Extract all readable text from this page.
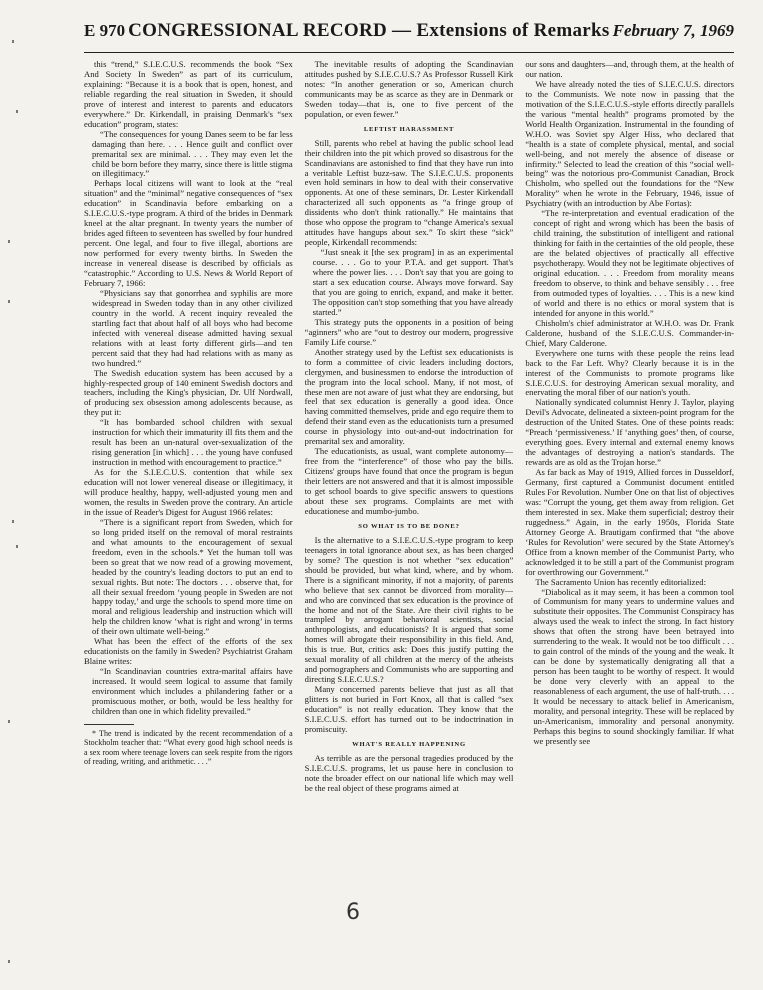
E 970 CONGRESSIONAL RECORD — Extensions of Remarks February 7, 1969

this “trend,” S.I.E.C.U.S. recommends the book “Sex And Society In Sweden” as part of its curriculum, explaining: “Because it is a book that is open, honest, and reliable regarding the real situation in Sweden, it should prove of interest and interest to parents and educators everywhere.” Dr. Kirkendall, in praising Denmark's “sex education” program, states:

“The consequences for young Danes seem to be far less damaging than here. . . . Hence guilt and conflict over premarital sex are minimal. . . . They may even let the child be born before they marry, since there is little stigma on illegitimacy.”

Perhaps local citizens will want to look at the “real situation” and the “minimal” negative consequences of “sex education” in Scandinavia before embarking on a S.I.E.C.U.S.-type program. A third of the brides in Denmark kneel at the altar pregnant. In twenty years the number of brides aged fifteen to seventeen has swelled by four hundred percent. One legal, and four to five illegal, abortions are now performed for every twenty births. In Sweden the increase in venereal disease is described by officials as “catastrophic.” According to U.S. News & World Report of February 7, 1966:

“Physicians say that gonorrhea and syphilis are more widespread in Sweden today than in any other civilized country in the world. A recent inquiry revealed the startling fact that about half of all boys who had become infected with venereal disease admitted having sexual relations with at least forty different girls—and ten percent said that they had had relations with as many as two hundred.”

The Swedish education system has been accused by a highly-respected group of 140 eminent Swedish doctors and teachers, including the King's physician, Dr. Ulf Nordwall, of producing sex obsession among adolescents because, as they put it:

“It has bombarded school children with sexual instruction for which their immaturity ill fits them and the result has been an un-natural over-sexualization of the rising generation [in which] . . . the young have confused instruction in method with encouragement to practice.”

As for the S.I.E.C.U.S. contention that while sex education will not lower venereal disease or illegitimacy, it will produce healthy, happy, well-adjusted young men and women, the results in Sweden prove the contrary. An article in the issue of Reader's Digest for August 1966 relates:

“There is a significant report from Sweden, which for so long prided itself on the removal of moral restraints and what amounts to the encouragement of sexual freedom, even in the schools.* Yet the human toll was been so great that we now read of a growing movement, headed by the country's leading doctors to put an end to sexual rights. But note: The doctors . . . observe that, for all their sexual freedom ‘young people in Sweden are not happy today,’ and urge the schools to spend more time on moral and religious leadership and instruction which will help the children know ‘what is right and wrong’ in terms of their own ultimate well-being.”

What has been the effect of the efforts of the sex educationists on the family in Sweden? Psychiatrist Graham Blaine writes:

“In Scandinavian countries extra-marital affairs have increased. It would seem logical to assume that family environment which includes a philandering father or a promiscuous mother, or both, would be less healthy for children than one in which fidelity prevailed.”

* The trend is indicated by the recent recommendation of a Stockholm teacher that: “What every good high school needs is a sex room where teenage lovers can seek respite from the rigors of reading, writing, and arithmetic. . . .”

The inevitable results of adopting the Scandinavian attitudes pushed by S.I.E.C.U.S.? As Professor Russell Kirk notes: “In another generation or so, American church communicants may be as scarce as they are in Denmark or Sweden today—that is, one to five percent of the population, or even fewer.”

LEFTIST HARASSMENT

Still, parents who rebel at having the public school lead their children into the pit which proved so disastrous for the Scandinavians are astonished to find that they have run into a veritable Leftist buzz-saw. The S.I.E.C.U.S. proponents even hold seminars in how to deal with their conservative opponents. At one of these seminars, Dr. Lester Kirkendall characterized all such opponents as “a fringe group of dissidents who don't think rationally.” He maintains that those who oppose the program to “change America's sexual attitudes have hangups about sex.” To skirt these “sick” people, Kirkendall recommends:

“Just sneak it [the sex program] in as an experimental course. . . . Go to your P.T.A. and get support. That's where the power lies. . . . Don't say that you are going to start a sex education course. Always move forward. Say that you are going to enrich, expand, and make it better. The opposition can't stop something that you have already started.”

This strategy puts the opponents in a position of being “aginners” who are “out to destroy our modern, progressive Family Life course.”

Another strategy used by the Leftist sex educationists is to form a committee of civic leaders including doctors, clergymen, and businessmen to endorse the introduction of the program into the local school. Many, if not most, of these men are not aware of just what they are endorsing, but feel that sex education is generally a good idea. Once having committed themselves, pride and ego require them to defend their stand even as the educationists turn a presumed course in physiology into out-and-out indoctrination for premarital sex and amorality.

The educationists, as usual, want complete autonomy—free from the “interference” of those who pay the bills. Citizens' groups have found that once the program is begun their letters are not answered and that it is almost impossible to get school boards to give specific answers to questions about these sex programs. Complaints are met with educationese and mumbo-jumbo.

SO WHAT IS TO BE DONE?

Is the alternative to a S.I.E.C.U.S.-type program to keep teenagers in total ignorance about sex, as has been charged by some? The question is not whether “sex education” should be provided, but what kind, where, and by whom. There is a significant minority, if not a majority, of parents who believe that sex cannot be divorced from morality—and who are convinced that sex education is the province of the home and not of the State. Are their civil rights to be trampled by arrogant behavioral scientists, social anthropologists, and educationists? It is argued that some homes will abrogate their responsibility in this field. And, this is true. But, critics ask: Does this justify putting the sexual morality of all children at the mercy of the atheists and pornographers and Communists who are supporting and directing S.I.E.C.U.S.?

Many concerned parents believe that just as all that glitters is not buried in Fort Knox, all that is called “sex education” is not really education. They know that the S.I.E.C.U.S. effort has turned out to be indoctrination in promiscuity.

WHAT'S REALLY HAPPENING

As terrible as are the personal tragedies produced by the S.I.E.C.U.S. programs, let us pause here in conclusion to note the broader effect on our national life which may well be the real object of these programs aimed at

our sons and daughters—and, through them, at the health of our nation.

We have already noted the ties of S.I.E.C.U.S. directors to the Communists. We note now in passing that the motivation of the S.I.E.C.U.S.-style efforts directly parallels the various “mental health” programs promoted by the World Health Organization. Instrumental in the founding of W.H.O. was Soviet spy Alger Hiss, who declared that “health is a state of complete physical, mental, and social well-being, and not merely the absence of disease or infirmity.” Selected to lead the creation of this “social well-being” was the notorious pro-Communist Canadian, Brock Chisholm, who spelled out the foundations for the “New Morality” when he wrote in the February, 1946, issue of Psychiatry (with an introduction by Abe Fortas):

“The re-interpretation and eventual eradication of the concept of right and wrong which has been the basis of child training, the substitution of intelligent and rational thinking for faith in the certainties of the old people, these are the belated objectives of practically all effective psychotherapy. Would they not be legitimate objectives of original education. . . . Freedom from morality means freedom to observe, to think and behave sensibly . . . free from outmoded types of loyalties. . . . This is a new kind of world and there is no ethics or moral system that is intended for anyone in this world.”

Chisholm's chief administrator at W.H.O. was Dr. Frank Calderone, husband of the S.I.E.C.U.S. Commander-in-Chief, Mary Calderone.

Everywhere one turns with these people the reins lead back to the Far Left. Why? Clearly because it is in the interest of the Communists to promote programs like S.I.E.C.U.S. for destroying American sexual morality, and enervating the moral fiber of our nation's youth.

Nationally syndicated columnist Henry J. Taylor, playing Devil's Advocate, delineated a sixteen-point program for the destruction of the United States. One of these points reads: “Preach ‘permissiveness.’ If ‘anything goes’ then, of course, everything goes. Every internal and external enemy knows the advantages of destroying a nation's standards. The rewards are as old as the Trojan horse.”

As far back as May of 1919, Allied forces in Dusseldorf, Germany, first captured a Communist document entitled Rules For Revolution. Number One on that list of objectives was: “Corrupt the young, get them away from religion. Get them interested in sex. Make them superficial; destroy their ruggedness.” Again, in the early 1950s, Florida State Attorney George A. Brautigam confirmed that “the above ‘Rules for Revolution’ were secured by the State Attorney's Office from a known member of the Communist Party, who acknowledged it to be still a part of the Communist program for overthrowing our Government.”

The Sacramento Union has recently editorialized:

“Diabolical as it may seem, it has been a common tool of Communism for many years to undermine values and substitute their opposites. The Communist Conspiracy has always used the weak to infect the strong. In fact history shows that often the strong have been betrayed into surrendering to the weak. It would not be too difficult . . . to gain control of the minds of the young and the weak. It can be done by systematically denigrating all that a person has been taught to be worthy of respect. It would be done very cleverly with an appeal to the reasonableness of each argument, the use of half-truth. . . . It would be necessary to attack belief in Americanism, morality, and personal integrity. These will be replaced by un-Americanism, immorality and personal anonymity. Perhaps this begins to sound shockingly familiar. If what we presently see

6
